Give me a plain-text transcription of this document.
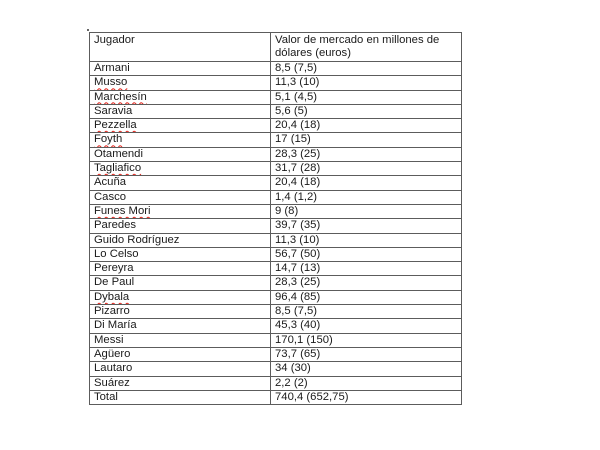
Jugador	Valor de mercado en millones de dólares (euros)
Armani	8,5 (7,5)
Musso	11,3 (10)
Marchesín	5,1 (4,5)
Saravia	5,6 (5)
Pezzella	20,4 (18)
Foyth	17 (15)
Otamendi	28,3 (25)
Tagliafico	31,7 (28)
Acuña	20,4 (18)
Casco	1,4 (1,2)
Funes Mori	9 (8)
Paredes	39,7 (35)
Guido Rodríguez	11,3 (10)
Lo Celso	56,7 (50)
Pereyra	14,7 (13)
De Paul	28,3 (25)
Dybala	96,4 (85)
Pizarro	8,5 (7,5)
Di María	45,3 (40)
Messi	170,1 (150)
Agüero	73,7 (65)
Lautaro	34 (30)
Suárez	2,2 (2)
Total	740,4 (652,75)
